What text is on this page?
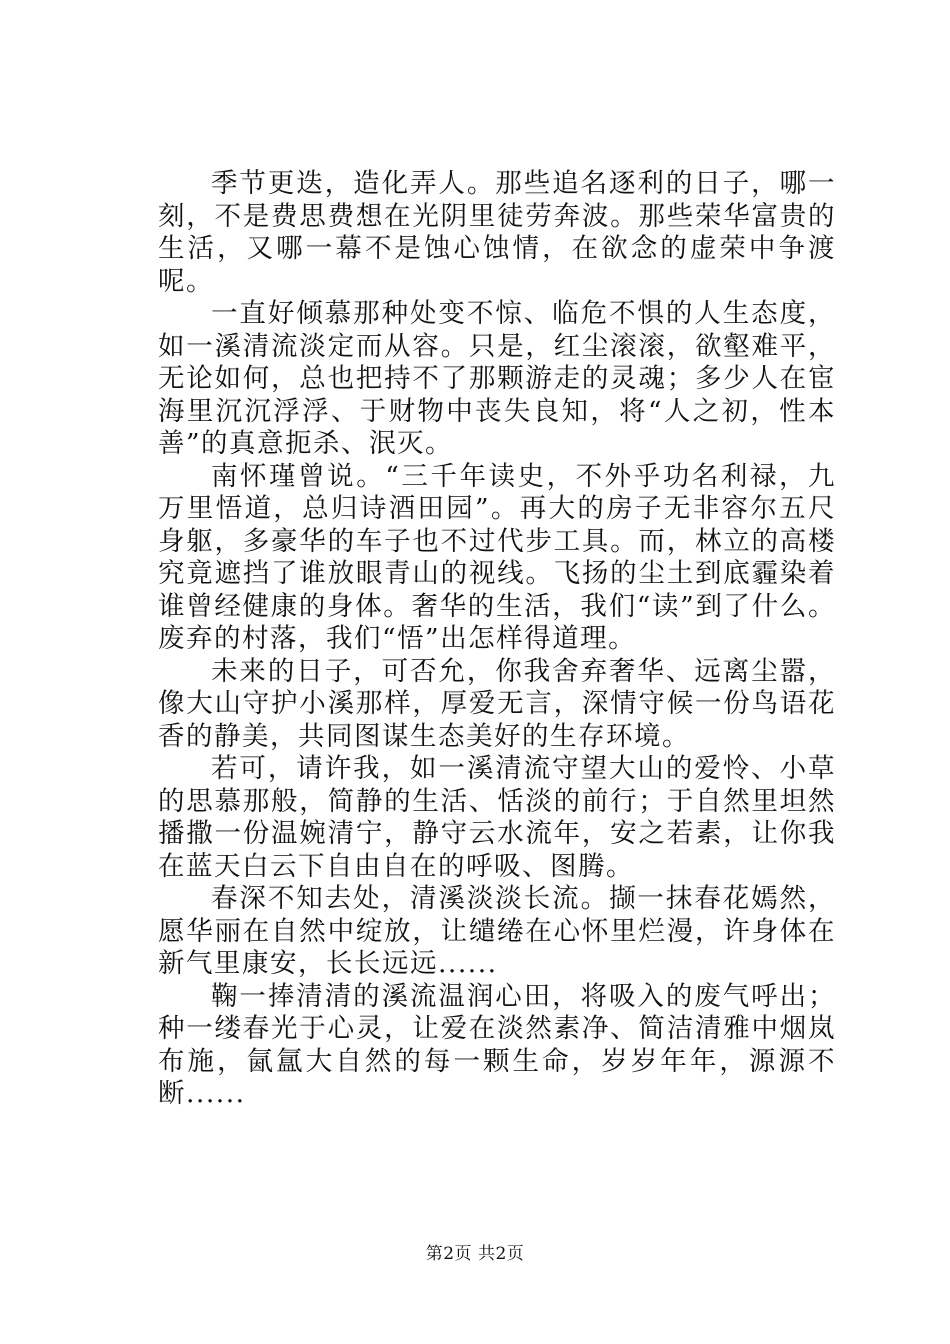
季节更迭，造化弄人。那些追名逐利的日子，哪一刻，不是费思费想在光阴里徒劳奔波。那些荣华富贵的生活，又哪一幕不是蚀心蚀情，在欲念的虚荣中争渡呢。

一直好倾慕那种处变不惊、临危不惧的人生态度，如一溪清流淡定而从容。只是，红尘滚滚，欲壑难平，无论如何，总也把持不了那颗游走的灵魂；多少人在宦海里沉沉浮浮、于财物中丧失良知，将“人之初，性本善”的真意扼杀、泯灭。

南怀瑾曾说。“三千年读史，不外乎功名利禄，九万里悟道，总归诗酒田园”。再大的房子无非容尔五尺身躯，多豪华的车子也不过代步工具。而，林立的高楼究竟遮挡了谁放眼青山的视线。飞扬的尘土到底霾染着谁曾经健康的身体。奢华的生活，我们“读”到了什么。废弃的村落，我们“悟”出怎样得道理。

未来的日子，可否允，你我舍弃奢华、远离尘嚣，像大山守护小溪那样，厚爱无言，深情守候一份鸟语花香的静美，共同图谋生态美好的生存环境。

若可，请许我，如一溪清流守望大山的爱怜、小草的思慕那般，简静的生活、恬淡的前行；于自然里坦然播撒一份温婉清宁，静守云水流年，安之若素，让你我在蓝天白云下自由自在的呼吸、图腾。

春深不知去处，清溪淡淡长流。撷一抹春花嫣然，愿华丽在自然中绽放，让缱绻在心怀里烂漫，许身体在新气里康安，长长远远......

鞠一捧清清的溪流温润心田，将吸入的废气呼出；种一缕春光于心灵，让爱在淡然素净、简洁清雅中烟岚布施，氤氲大自然的每一颗生命，岁岁年年，源源不断......

第2页 共2页
